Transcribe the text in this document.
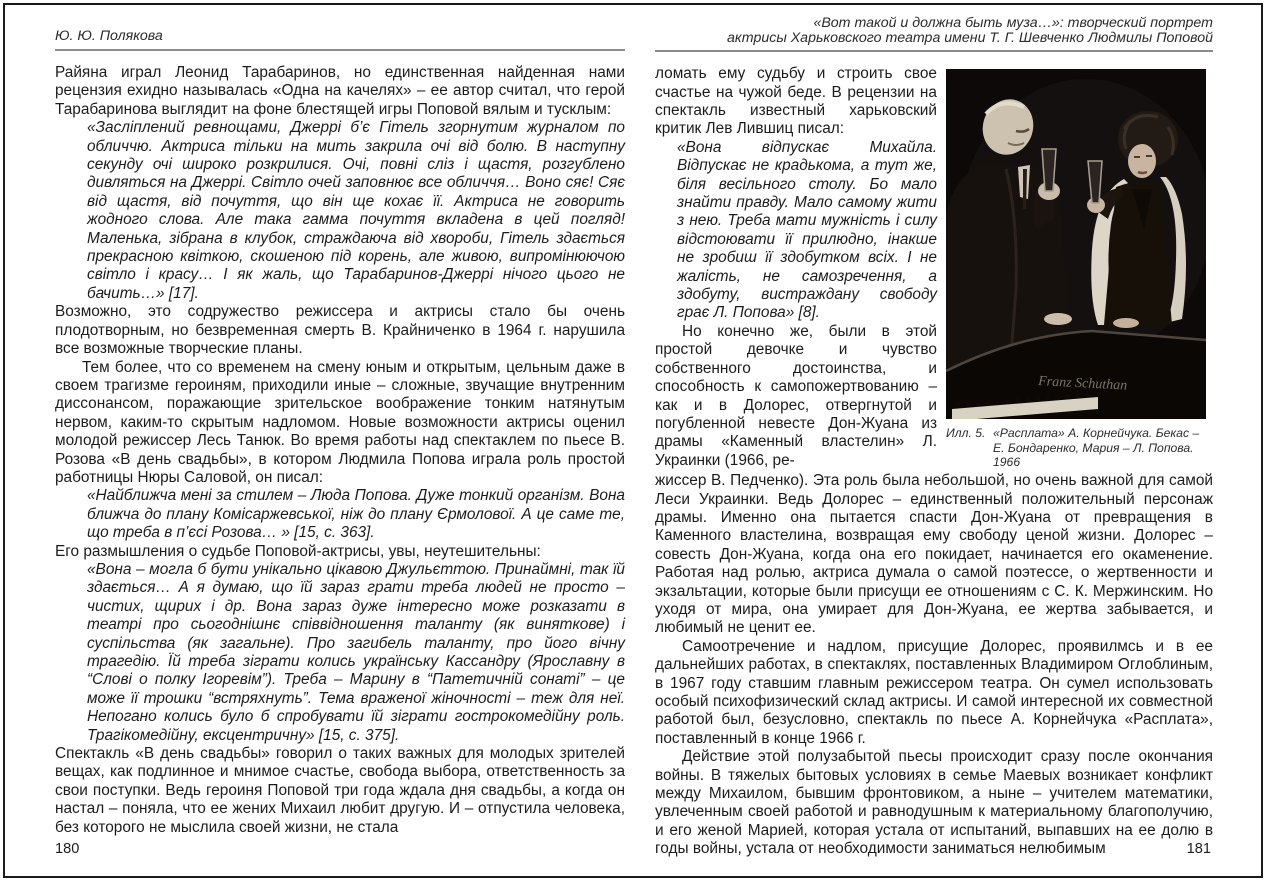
Ю. Ю. Полякова

Райяна играл Леонид Тарабаринов, но единственная найденная нами рецензия ехидно называлась «Одна на качелях» – ее автор считал, что герой Тарабаринова выглядит на фоне блестящей игры Поповой вялым и тусклым:

«Засліплений ревнощами, Джеррі б’є Гітель згорнутим журналом по обличчю. Актриса тільки на мить закрила очі від болю. В наступну секунду очі широко розкрилися. Очі, повні сліз і щастя, розгублено дивляться на Джеррі. Світло очей заповнює все обличчя… Воно сяє! Сяє від щастя, від почуття, що він ще кохає її. Актриса не говорить жодного слова. Але така гамма почуття вкладена в цей погляд! Маленька, зібрана в клубок, страждаюча від хвороби, Гітель здається прекрасною квіткою, скошеною під корень, але живою, випромінюючою світло і красу… І як жаль, що Тарабаринов-Джеррі нічого цього не бачить…» [17].

Возможно, это содружество режиссера и актрисы стало бы очень плодотворным, но безвременная смерть В. Крайниченко в 1964 г. нарушила все возможные творческие планы.

Тем более, что со временем на смену юным и открытым, цельным даже в своем трагизме героиням, приходили иные – сложные, звучащие внутренним диссонансом, поражающие зрительское воображение тонким натянутым нервом, каким-то скрытым надломом. Новые возможности актрисы оценил молодой режиссер Лесь Танюк. Во время работы над спектаклем по пьесе В. Розова «В день свадьбы», в котором Людмила Попова играла роль простой работницы Нюры Саловой, он писал:

«Найближча мені за стилем – Люда Попова. Дуже тонкий організм. Вона ближча до плану Комісаржевської, ніж до плану Єрмолової. А це саме те, що треба в п’єсі Розова… » [15, с. 363].

Его размышления о судьбе Поповой-актрисы, увы, неутешительны:

«Вона – могла б бути унікально цікавою Джульєттою. Принаймні, так їй здається… А я думаю, що їй зараз грати треба людей не просто – чистих, щирих і др. Вона зараз дуже інтересно може розказати в театрі про сьогоднішнє співвідношення таланту (як виняткове) і суспільства (як загальне). Про загибель таланту, про його вічну трагедію. Їй треба зіграти колись українську Кассандру (Ярославну в “Слові о полку Ігоревім”). Треба – Марину в “Патетичній сонаті” – це може її трошки “встряхнуть”. Тема враженої жіночності – теж для неї. Непогано колись було б спробувати їй зіграти гострокомедійну роль. Трагікомедійну, ексцентричну» [15, с. 375].

Спектакль «В день свадьбы» говорил о таких важных для молодых зрителей вещах, как подлинное и мнимое счастье, свобода выбора, ответственность за свои поступки. Ведь героиня Поповой три года ждала дня свадьбы, а когда он настал – поняла, что ее жених Михаил любит другую. И – отпустила человека, без которого не мыслила своей жизни, не стала

180
«Вот такой и должна быть муза…»: творческий портрет
актрисы Харьковского театра имени Т. Г. Шевченко Людмилы Поповой

ломать ему судьбу и строить свое счастье на чужой беде. В рецензии на спектакль известный харьковский критик Лев Лившиц писал:

«Вона відпускає Михайла. Відпускає не крадькома, а тут же, біля весільного столу. Бо мало знайти правду. Мало самому жити з нею. Треба мати мужність і силу відстоювати її прилюдно, інакше не зробиш її здобутком всіх. І не жалість, не самозречення, а здобуту, вистраждану свободу грає Л. Попова» [8].

Но конечно же, были в этой простой девочке и чувство собственного достоинства, и способность к самопожертвованию – как и в Долорес, отвергнутой и погубленной невесте Дон-Жуана из драмы «Каменный властелин» Л. Украинки (1966, ре-

Franz Schuthan
Илл. 5. «Расплата» А. Корнейчука. Бекас – Е. Бондаренко, Мария – Л. Попова. 1966

жиссер В. Педченко). Эта роль была небольшой, но очень важной для самой Леси Украинки. Ведь Долорес – единственный положительный персонаж драмы. Именно она пытается спасти Дон-Жуана от превращения в Каменного властелина, возвращая ему свободу ценой жизни. Долорес – совесть Дон-Жуана, когда она его покидает, начинается его окаменение. Работая над ролью, актриса думала о самой поэтессе, о жертвенности и экзальтации, которые были присущи ее отношениям с С. К. Мержинским. Но уходя от мира, она умирает для Дон-Жуана, ее жертва забывается, и любимый не ценит ее.

Самоотречение и надлом, присущие Долорес, проявилмсь и в ее дальнейших работах, в спектаклях, поставленных Владимиром Оглоблиным, в 1967 году ставшим главным режиссером театра. Он сумел использовать особый психофизический склад актрисы. И самой интересной их совместной работой был, безусловно, спектакль по пьесе А. Корнейчука «Расплата», поставленный в конце 1966 г.

Действие этой полузабытой пьесы происходит сразу после окончания войны. В тяжелых бытовых условиях в семье Маевых возникает конфликт между Михаилом, бывшим фронтовиком, а ныне – учителем математики, увлеченным своей работой и равнодушным к материальному благополучию, и его женой Марией, которая устала от испытаний, выпавших на ее долю в годы войны, устала от необходимости заниматься нелюбимым	181
